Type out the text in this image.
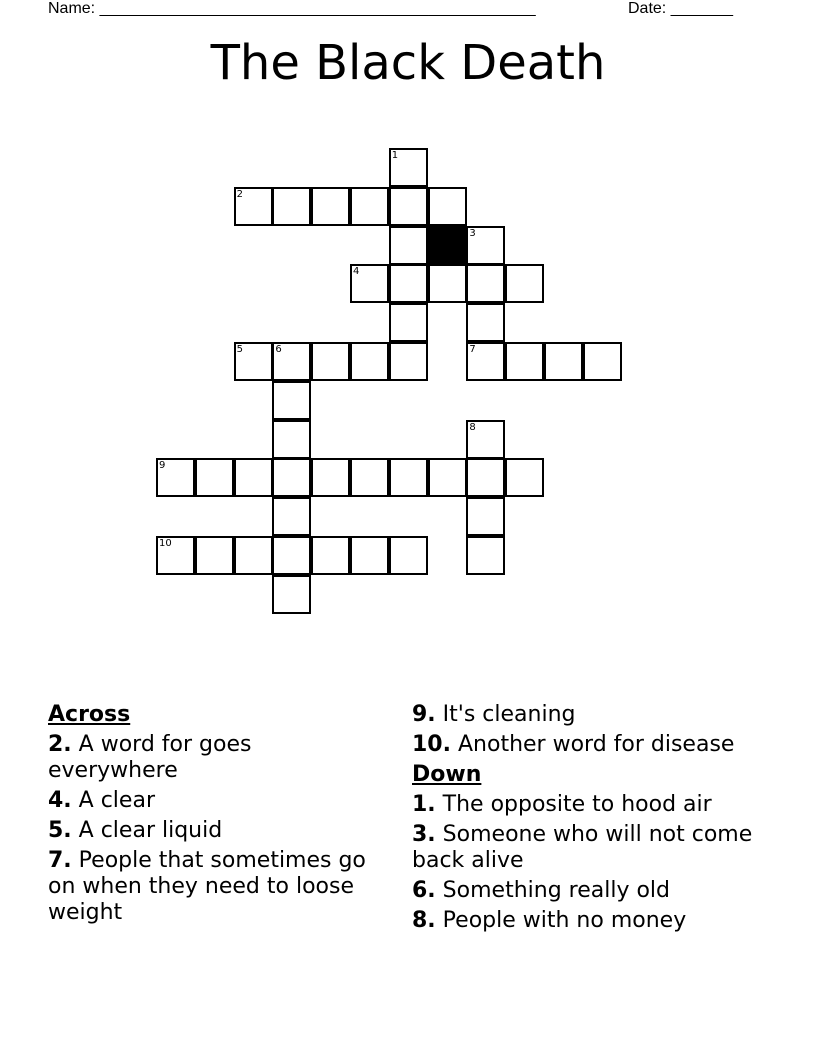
Name: _________________________________________________	Date: _______
The Black Death
1
2
3
4
5	6	7
8
9
10
Across
2. A word for goes everywhere
4. A clear
5. A clear liquid
7. People that sometimes go on when they need to loose weight
9. It's cleaning
10. Another word for disease
Down
1. The opposite to hood air
3. Someone who will not come back alive
6. Something really old
8. People with no money
